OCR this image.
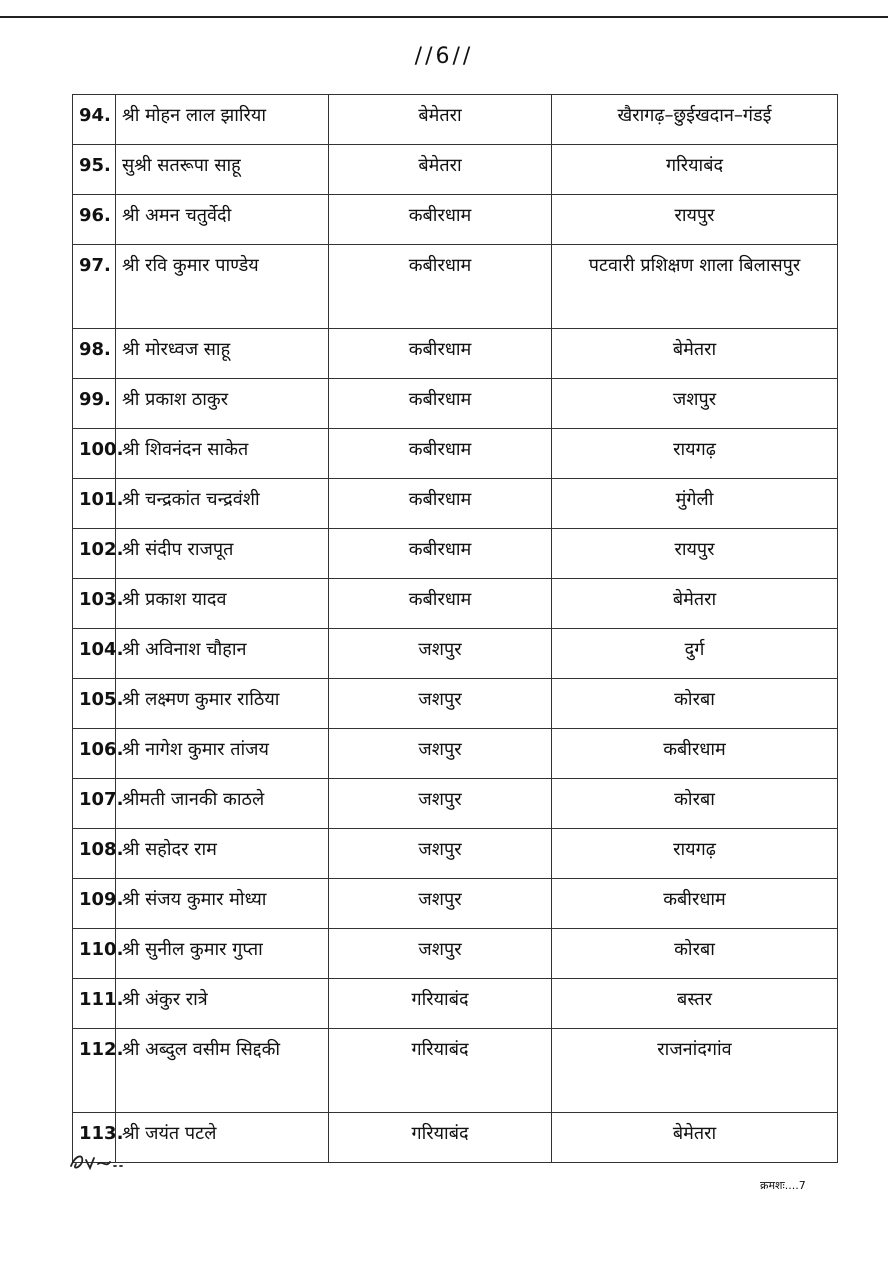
//6//
94.	श्री मोहन लाल झारिया	बेमेतरा	खैरागढ़–छुईखदान–गंडई
95.	सुश्री सतरूपा साहू	बेमेतरा	गरियाबंद
96.	श्री अमन चतुर्वेदी	कबीरधाम	रायपुर
97.	श्री रवि कुमार पाण्डेय	कबीरधाम	पटवारी प्रशिक्षण शाला बिलासपुर
98.	श्री मोरध्वज साहू	कबीरधाम	बेमेतरा
99.	श्री प्रकाश ठाकुर	कबीरधाम	जशपुर
100.	श्री शिवनंदन साकेत	कबीरधाम	रायगढ़
101.	श्री चन्द्रकांत चन्द्रवंशी	कबीरधाम	मुंगेली
102.	श्री संदीप राजपूत	कबीरधाम	रायपुर
103.	श्री प्रकाश यादव	कबीरधाम	बेमेतरा
104.	श्री अविनाश चौहान	जशपुर	दुर्ग
105.	श्री लक्ष्मण कुमार राठिया	जशपुर	कोरबा
106.	श्री नागेश कुमार तांजय	जशपुर	कबीरधाम
107.	श्रीमती जानकी काठले	जशपुर	कोरबा
108.	श्री सहोदर राम	जशपुर	रायगढ़
109.	श्री संजय कुमार मोध्या	जशपुर	कबीरधाम
110.	श्री सुनील कुमार गुप्ता	जशपुर	कोरबा
111.	श्री अंकुर रात्रे	गरियाबंद	बस्तर
112.	श्री अब्दुल वसीम सिद्दकी	गरियाबंद	राजनांदगांव
113.	श्री जयंत पटले	गरियाबंद	बेमेतरा
क्रमशः....7
